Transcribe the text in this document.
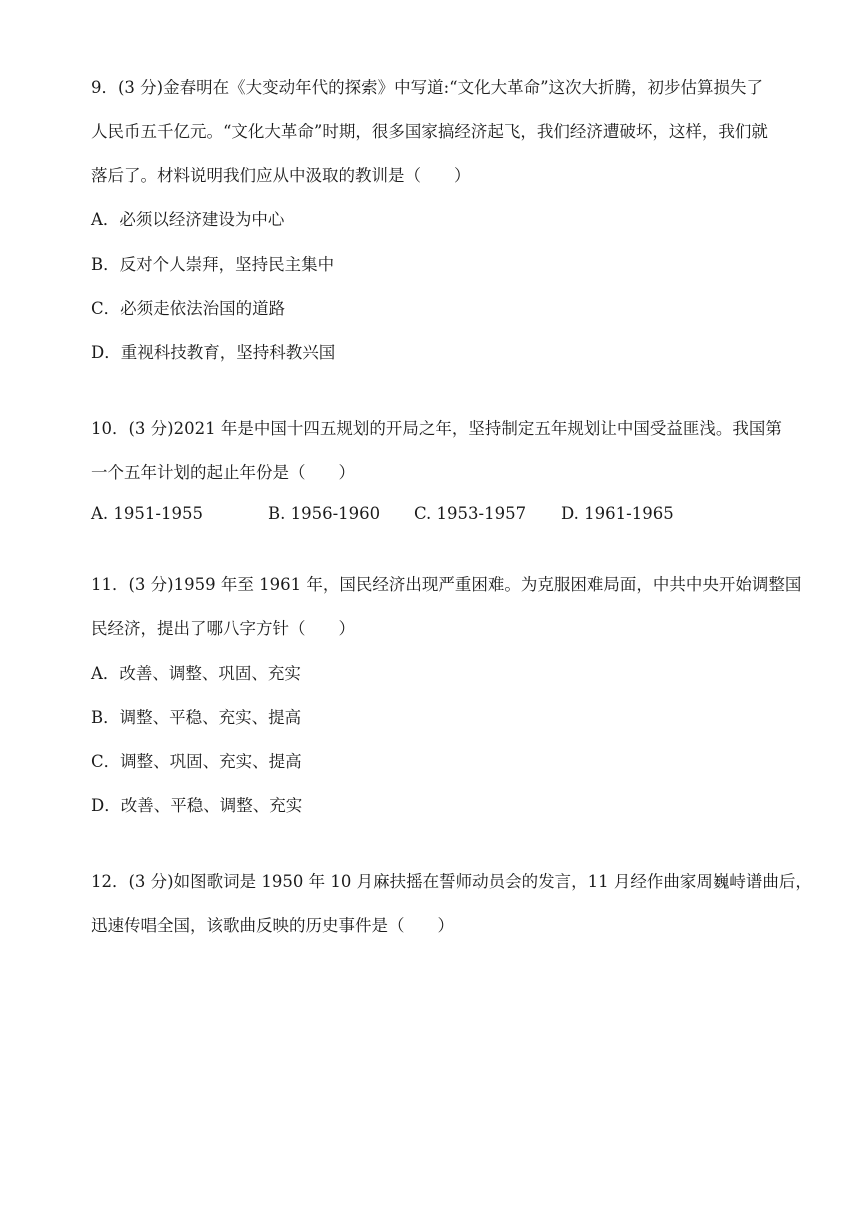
9．(3 分)金春明在《大变动年代的探索》中写道:“文化大革命”这次大折腾，初步估算损失了
人民币五千亿元。“文化大革命”时期，很多国家搞经济起飞，我们经济遭破坏，这样，我们就
落后了。材料说明我们应从中汲取的教训是（　　）
A．必须以经济建设为中心
B．反对个人崇拜，坚持民主集中
C．必须走依法治国的道路
D．重视科技教育，坚持科教兴国
10．(3 分)2021 年是中国十四五规划的开局之年，坚持制定五年规划让中国受益匪浅。我国第
一个五年计划的起止年份是（　　）
A. 1951-1955	B. 1956-1960 C. 1953-1957 D. 1961-1965
11．(3 分)1959 年至 1961 年，国民经济出现严重困难。为克服困难局面，中共中央开始调整国
民经济，提出了哪八字方针（　　）
A．改善、调整、巩固、充实
B．调整、平稳、充实、提高
C．调整、巩固、充实、提高
D．改善、平稳、调整、充实
12．(3 分)如图歌词是 1950 年 10 月麻扶摇在誓师动员会的发言，11 月经作曲家周巍峙谱曲后，
迅速传唱全国，该歌曲反映的历史事件是（　　）
